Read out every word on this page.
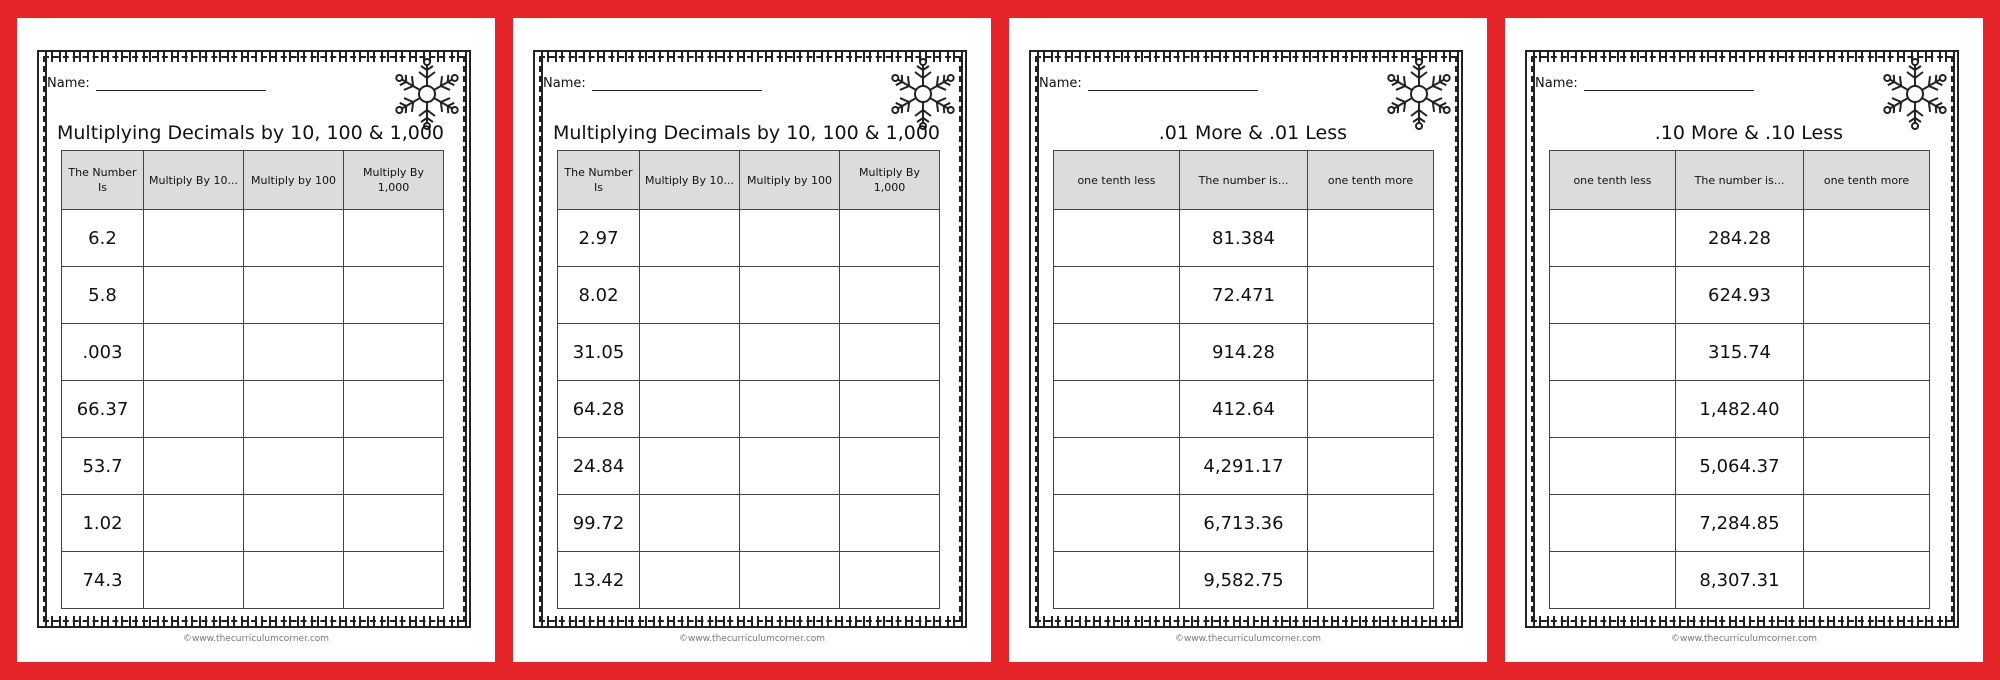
Name:
Multiplying Decimals by 10, 100 & 1,000
The Number Is	Multiply By 10...	Multiply by 100	Multiply By 1,000
6.2			
5.8			
.003			
66.37			
53.7			
1.02			
74.3			
©www.thecurriculumcorner.com
Name:
Multiplying Decimals by 10, 100 & 1,000
The Number Is	Multiply By 10...	Multiply by 100	Multiply By 1,000
2.97			
8.02			
31.05			
64.28			
24.84			
99.72			
13.42			
©www.thecurriculumcorner.com
Name:
.01 More & .01 Less
one tenth less	The number is...	one tenth more
	81.384	
	72.471	
	914.28	
	412.64	
	4,291.17	
	6,713.36	
	9,582.75	
©www.thecurriculumcorner.com
Name:
.10 More & .10 Less
one tenth less	The number is...	one tenth more
	284.28	
	624.93	
	315.74	
	1,482.40	
	5,064.37	
	7,284.85	
	8,307.31	
©www.thecurriculumcorner.com
